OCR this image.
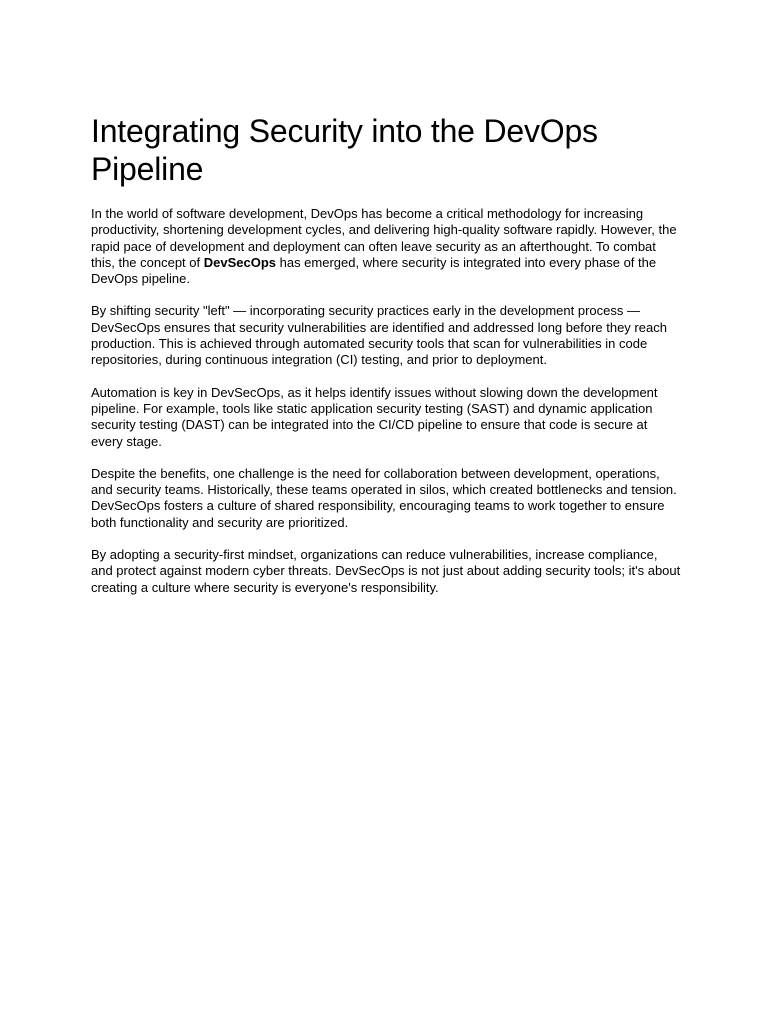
Integrating Security into the DevOps Pipeline

In the world of software development, DevOps has become a critical methodology for increasing productivity, shortening development cycles, and delivering high-quality software rapidly. However, the rapid pace of development and deployment can often leave security as an afterthought. To combat this, the concept of DevSecOps has emerged, where security is integrated into every phase of the DevOps pipeline.

By shifting security "left" — incorporating security practices early in the development process — DevSecOps ensures that security vulnerabilities are identified and addressed long before they reach production. This is achieved through automated security tools that scan for vulnerabilities in code repositories, during continuous integration (CI) testing, and prior to deployment.

Automation is key in DevSecOps, as it helps identify issues without slowing down the development pipeline. For example, tools like static application security testing (SAST) and dynamic application security testing (DAST) can be integrated into the CI/CD pipeline to ensure that code is secure at every stage.

Despite the benefits, one challenge is the need for collaboration between development, operations, and security teams. Historically, these teams operated in silos, which created bottlenecks and tension. DevSecOps fosters a culture of shared responsibility, encouraging teams to work together to ensure both functionality and security are prioritized.

By adopting a security-first mindset, organizations can reduce vulnerabilities, increase compliance, and protect against modern cyber threats. DevSecOps is not just about adding security tools; it's about creating a culture where security is everyone's responsibility.
